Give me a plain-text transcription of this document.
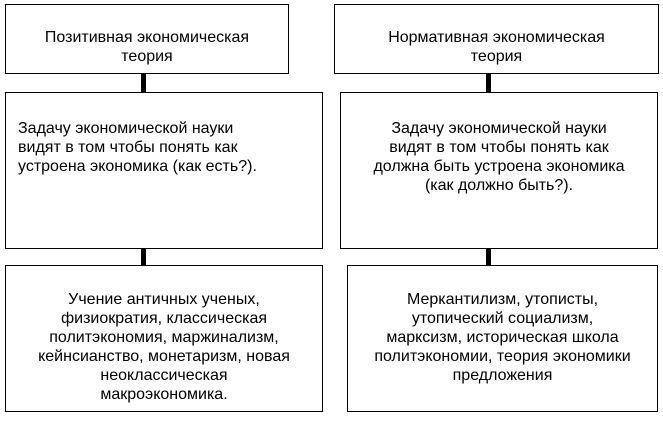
Позитивная экономическая
теория

Задачу экономической науки
видят в том чтобы понять как
устроена экономика (как есть?).

Учение античных ученых,
физиократия, классическая
политэкономия, маржинализм,
кейнсианство, монетаризм, новая
неоклассическая
макроэкономика.

Нормативная экономическая
теория

Задачу экономической науки
видят в том чтобы понять как
должна быть устроена экономика
(как должно быть?).

Меркантилизм, утописты,
утопический социализм,
марксизм, историческая школа
политэкономии, теория экономики
предложения
